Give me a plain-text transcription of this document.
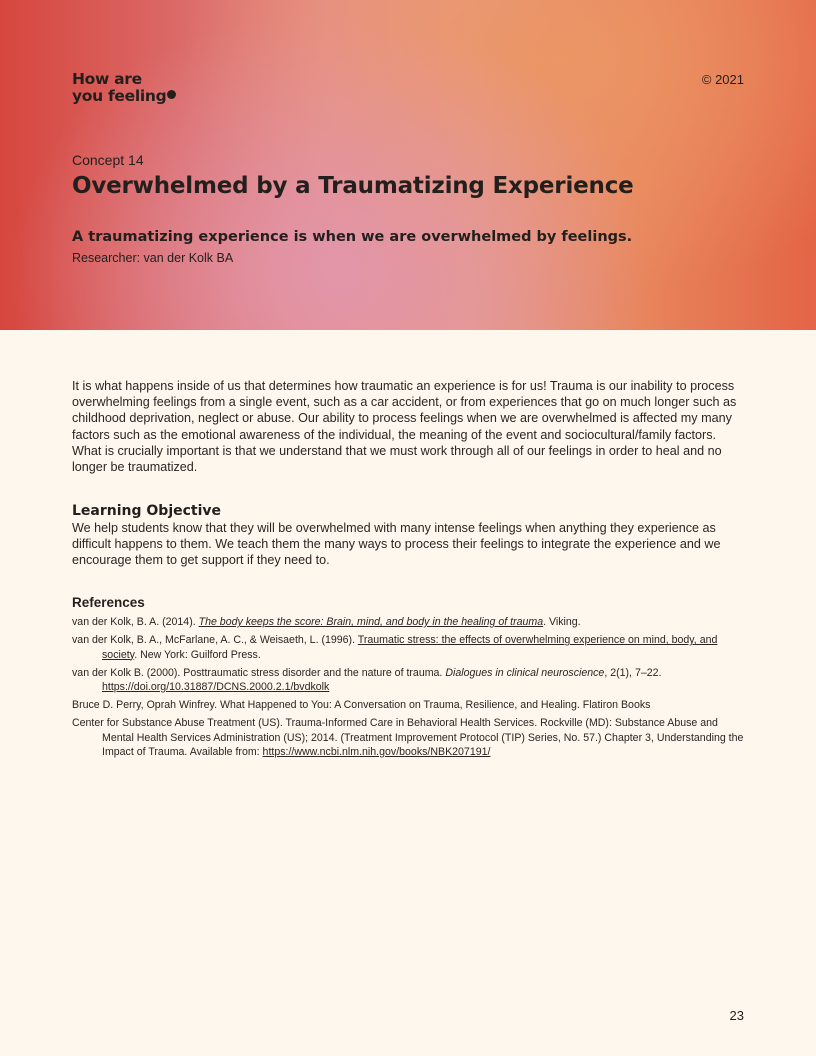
How are
you feeling
© 2021
Concept 14
Overwhelmed by a Traumatizing Experience
A traumatizing experience is when we are overwhelmed by feelings.
Researcher: van der Kolk BA

It is what happens inside of us that determines how traumatic an experience is for us! Trauma is our inability to process overwhelming feelings from a single event, such as a car accident, or from experiences that go on much longer such as childhood deprivation, neglect or abuse. Our ability to process feelings when we are overwhelmed is affected my many factors such as the emotional awareness of the individual, the meaning of the event and sociocultural/family factors. What is crucially important is that we understand that we must work through all of our feelings in order to heal and no longer be traumatized.

Learning Objective

We help students know that they will be overwhelmed with many intense feelings when anything they experience as difficult happens to them. We teach them the many ways to process their feelings to integrate the experience and we encourage them to get support if they need to.

References

van der Kolk, B. A. (2014). The body keeps the score: Brain, mind, and body in the healing of trauma. Viking.

van der Kolk, B. A., McFarlane, A. C., & Weisaeth, L. (1996). Traumatic stress: the effects of overwhelming experience on mind, body, and society. New York: Guilford Press.

van der Kolk B. (2000). Posttraumatic stress disorder and the nature of trauma. Dialogues in clinical neuroscience, 2(1), 7–22. https://doi.org/10.31887/DCNS.2000.2.1/bvdkolk

Bruce D. Perry, Oprah Winfrey. What Happened to You: A Conversation on Trauma, Resilience, and Healing. Flatiron Books

Center for Substance Abuse Treatment (US). Trauma-Informed Care in Behavioral Health Services. Rockville (MD): Substance Abuse and Mental Health Services Administration (US); 2014. (Treatment Improvement Protocol (TIP) Series, No. 57.) Chapter 3, Understanding the Impact of Trauma. Available from: https://www.ncbi.nlm.nih.gov/books/NBK207191/

23
